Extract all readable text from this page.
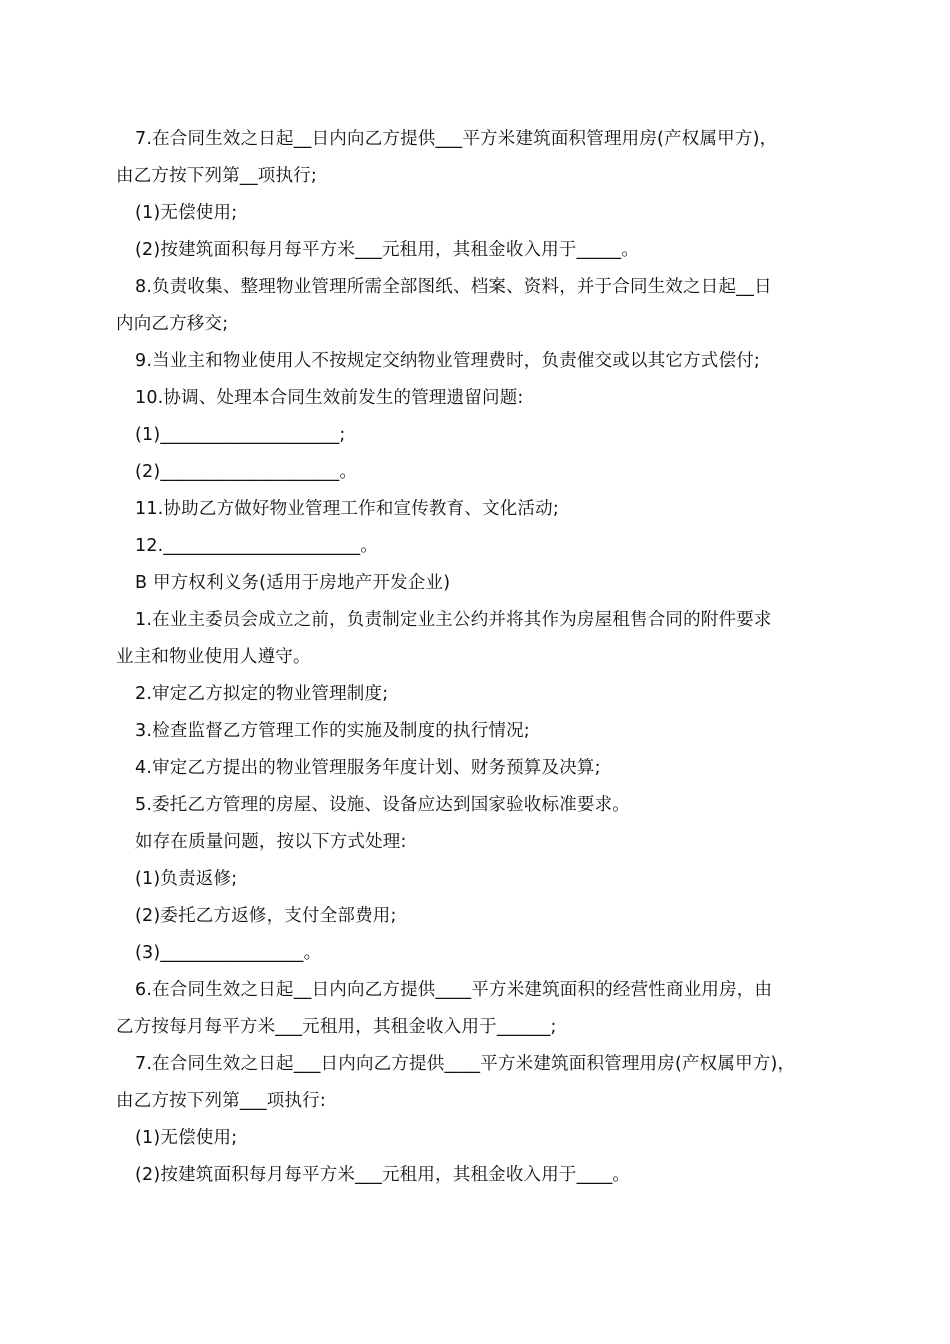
7.在合同生效之日起__日内向乙方提供___平方米建筑面积管理用房(产权属甲方)，
由乙方按下列第__项执行;
(1)无偿使用;
(2)按建筑面积每月每平方米___元租用，其租金收入用于_____。
8.负责收集、整理物业管理所需全部图纸、档案、资料，并于合同生效之日起__日
内向乙方移交;
9.当业主和物业使用人不按规定交纳物业管理费时，负责催交或以其它方式偿付;
10.协调、处理本合同生效前发生的管理遗留问题:
(1)____________________;
(2)____________________。
11.协助乙方做好物业管理工作和宣传教育、文化活动;
12.______________________。
B 甲方权利义务(适用于房地产开发企业)
1.在业主委员会成立之前，负责制定业主公约并将其作为房屋租售合同的附件要求
业主和物业使用人遵守。
2.审定乙方拟定的物业管理制度;
3.检查监督乙方管理工作的实施及制度的执行情况;
4.审定乙方提出的物业管理服务年度计划、财务预算及决算;
5.委托乙方管理的房屋、设施、设备应达到国家验收标准要求。
如存在质量问题，按以下方式处理:
(1)负责返修;
(2)委托乙方返修，支付全部费用;
(3)________________。
6.在合同生效之日起__日内向乙方提供____平方米建筑面积的经营性商业用房，由
乙方按每月每平方米___元租用，其租金收入用于______;
7.在合同生效之日起___日内向乙方提供____平方米建筑面积管理用房(产权属甲方)，
由乙方按下列第___项执行:
(1)无偿使用;
(2)按建筑面积每月每平方米___元租用，其租金收入用于____。
